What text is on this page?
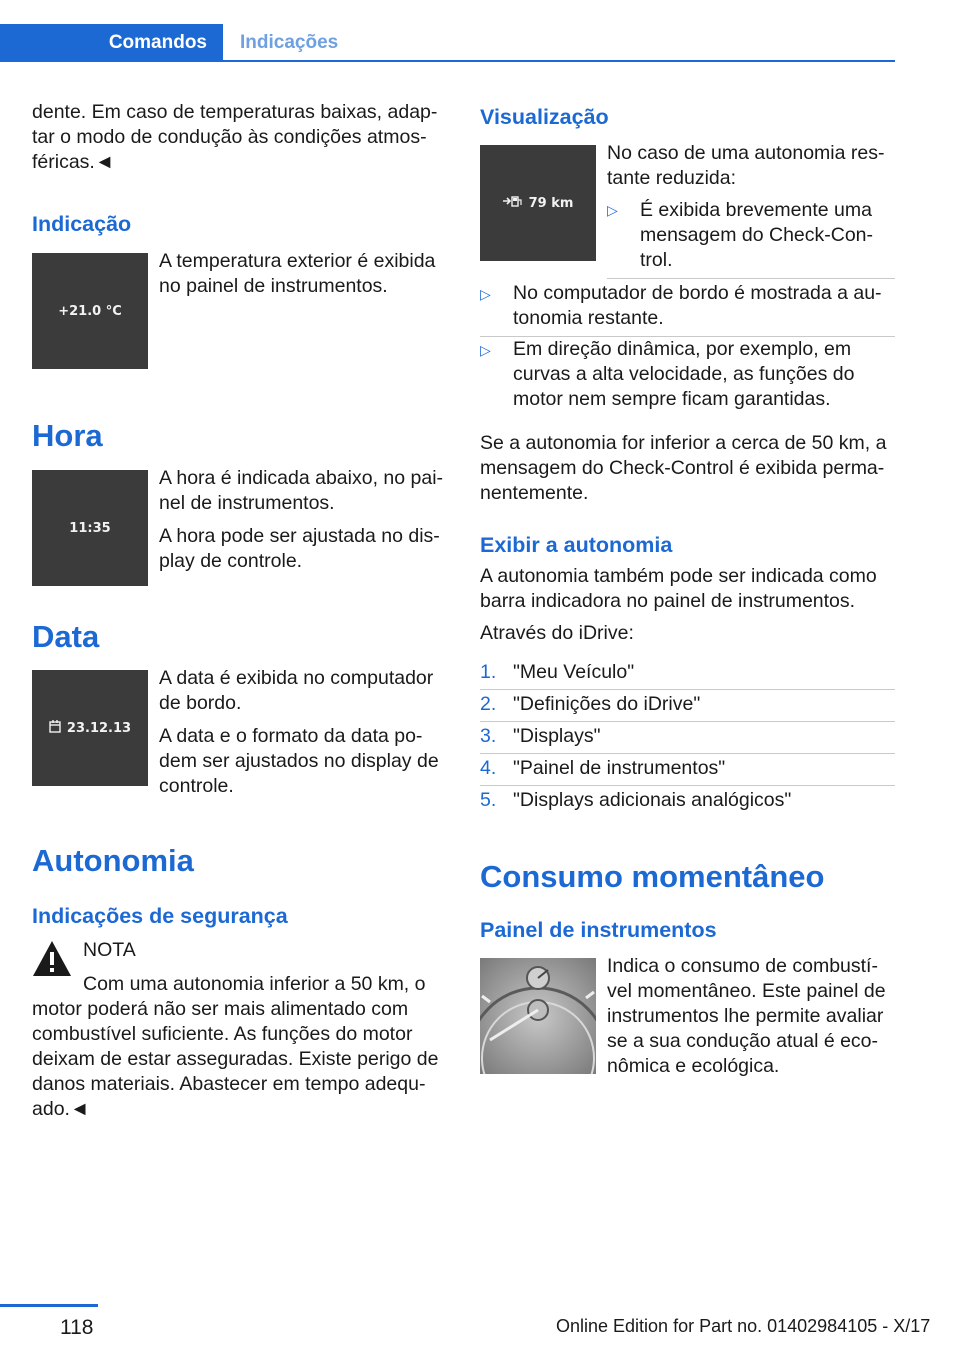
Comandos	Indicações
dente. Em caso de temperaturas baixas, adap-
tar o modo de condução às condições atmos-
féricas.◄
Indicação
+21.0 °C
A temperatura exterior é exibida
no painel de instrumentos.
Hora
11:35
A hora é indicada abaixo, no pai-
nel de instrumentos.
A hora pode ser ajustada no dis-
play de controle.
Data
23.12.13
A data é exibida no computador
de bordo.
A data e o formato da data po-
dem ser ajustados no display de
controle.
Autonomia
Indicações de segurança
NOTA
Com uma autonomia inferior a 50 km, o
motor poderá não ser mais alimentado com
combustível suficiente. As funções do motor
deixam de estar asseguradas. Existe perigo de
danos materiais. Abastecer em tempo adequ-
ado.◄
Visualização
79 km
No caso de uma autonomia res-
tante reduzida:
▷ É exibida brevemente uma
mensagem do Check-Con-
trol.
▷ No computador de bordo é mostrada a au-
tonomia restante.
▷ Em direção dinâmica, por exemplo, em
curvas a alta velocidade, as funções do
motor nem sempre ficam garantidas.
Se a autonomia for inferior a cerca de 50 km, a
mensagem do Check-Control é exibida perma-
nentemente.
Exibir a autonomia
A autonomia também pode ser indicada como
barra indicadora no painel de instrumentos.
Através do iDrive:
1. "Meu Veículo"
2. "Definições do iDrive"
3. "Displays"
4. "Painel de instrumentos"
5. "Displays adicionais analógicos"
Consumo momentâneo
Painel de instrumentos
Indica o consumo de combustí-
vel momentâneo. Este painel de
instrumentos lhe permite avaliar
se a sua condução atual é eco-
nômica e ecológica.
118	Online Edition for Part no. 01402984105 - X/17
